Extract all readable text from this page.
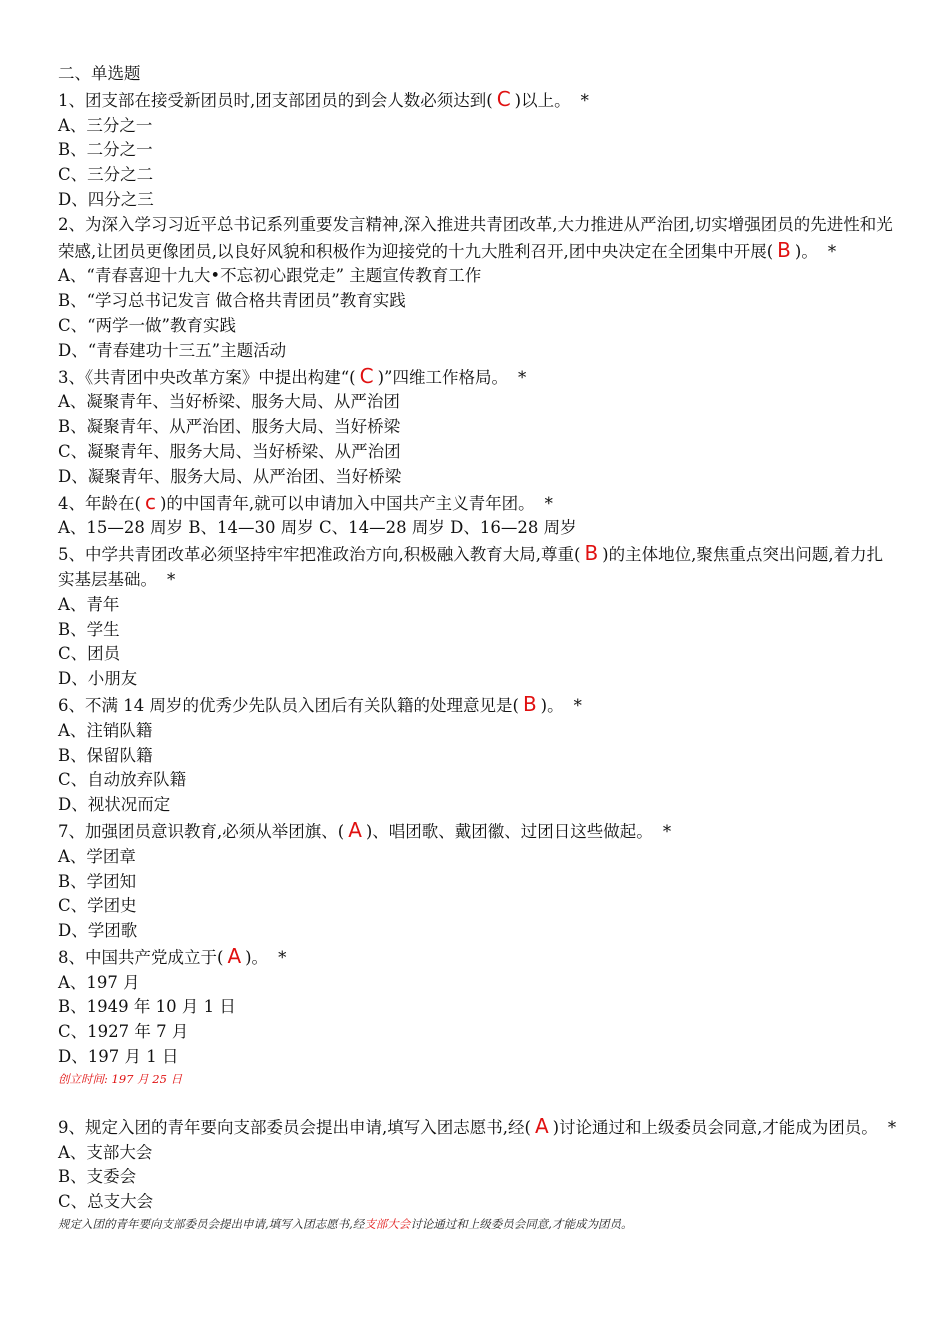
二、单选题
1、团支部在接受新团员时,团支部团员的到会人数必须达到( C )以上。 *
A、三分之一
B、二分之一
C、三分之二
D、四分之三
2、为深入学习习近平总书记系列重要发言精神,深入推进共青团改革,大力推进从严治团,切实增强团员的先进性和光荣感,让团员更像团员,以良好风貌和积极作为迎接党的十九大胜利召开,团中央决定在全团集中开展( B )。 *
A、“青春喜迎十九大•不忘初心跟党走” 主题宣传教育工作
B、“学习总书记发言 做合格共青团员”教育实践
C、“两学一做”教育实践
D、“青春建功十三五”主题活动
3、《共青团中央改革方案》中提出构建“( C )”四维工作格局。 *
A、凝聚青年、当好桥梁、服务大局、从严治团
B、凝聚青年、从严治团、服务大局、当好桥梁
C、凝聚青年、服务大局、当好桥梁、从严治团
D、凝聚青年、服务大局、从严治团、当好桥梁
4、年龄在( c )的中国青年,就可以申请加入中国共产主义青年团。 *
A、15—28 周岁 B、14—30 周岁 C、14—28 周岁 D、16—28 周岁
5、中学共青团改革必须坚持牢牢把准政治方向,积极融入教育大局,尊重( B )的主体地位,聚焦重点突出问题,着力扎实基层基础。 *
A、青年
B、学生
C、团员
D、小朋友
6、不满 14 周岁的优秀少先队员入团后有关队籍的处理意见是( B )。 *
A、注销队籍
B、保留队籍
C、自动放弃队籍
D、视状况而定
7、加强团员意识教育,必须从举团旗、( A )、唱团歌、戴团徽、过团日这些做起。 *
A、学团章
B、学团知
C、学团史
D、学团歌
8、中国共产党成立于( A )。 *
A、197 月
B、1949 年 10 月 1 日
C、1927 年 7 月
D、197 月 1 日
创立时间: 197 月 25 日
9、规定入团的青年要向支部委员会提出申请,填写入团志愿书,经( A )讨论通过和上级委员会同意,才能成为团员。 *
A、支部大会
B、支委会
C、总支大会
规定入团的青年要向支部委员会提出申请,填写入团志愿书,经支部大会讨论通过和上级委员会同意,才能成为团员。
